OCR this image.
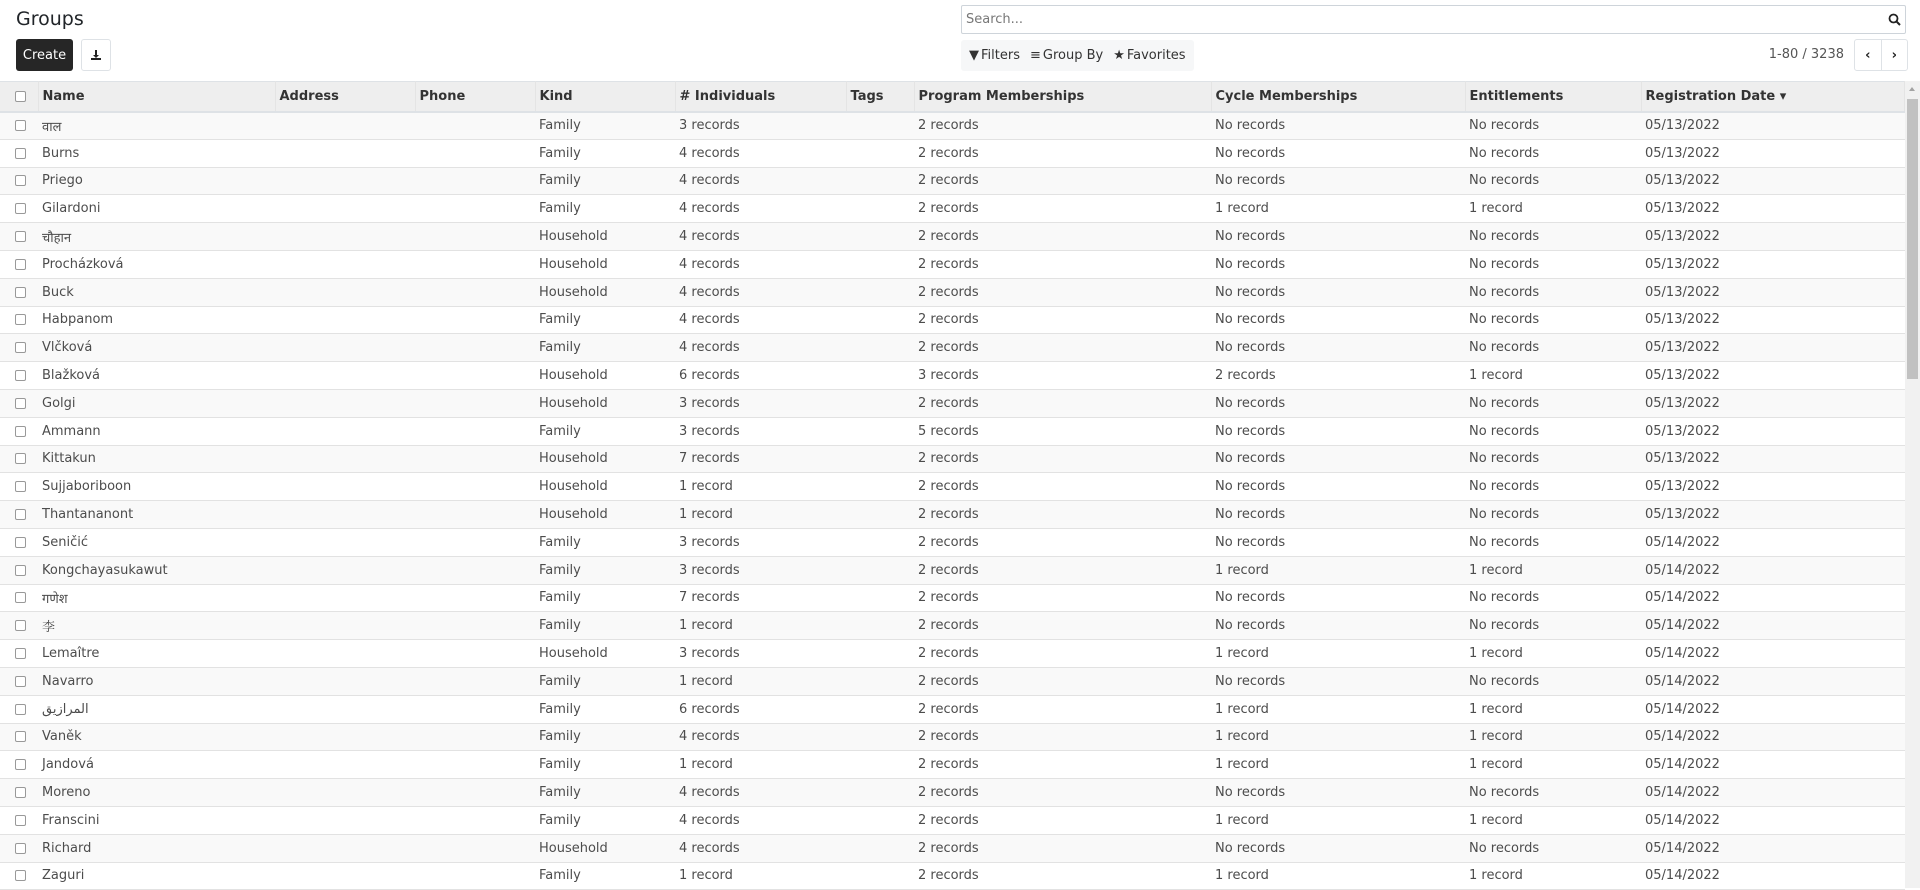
Groups
Create
Search...	▼ Filters ≡ Group By ★ Favorites	1-80 / 3238 ‹ ›
	Name	Address	Phone	Kind	# Individuals	Tags	Program Memberships	Cycle Memberships	Entitlements	Registration Date ▾
	वाल			Family	3 records		2 records	No records	No records	05/13/2022
	Burns			Family	4 records		2 records	No records	No records	05/13/2022
	Priego			Family	4 records		2 records	No records	No records	05/13/2022
	Gilardoni			Family	4 records		2 records	1 record	1 record	05/13/2022
	चौहान			Household	4 records		2 records	No records	No records	05/13/2022
	Procházková			Household	4 records		2 records	No records	No records	05/13/2022
	Buck			Household	4 records		2 records	No records	No records	05/13/2022
	Habpanom			Family	4 records		2 records	No records	No records	05/13/2022
	Vlčková			Family	4 records		2 records	No records	No records	05/13/2022
	Blažková			Household	6 records		3 records	2 records	1 record	05/13/2022
	Golgi			Household	3 records		2 records	No records	No records	05/13/2022
	Ammann			Family	3 records		5 records	No records	No records	05/13/2022
	Kittakun			Household	7 records		2 records	No records	No records	05/13/2022
	Sujjaboriboon			Household	1 record		2 records	No records	No records	05/13/2022
	Thantananont			Household	1 record		2 records	No records	No records	05/13/2022
	Seničić			Family	3 records		2 records	No records	No records	05/14/2022
	Kongchayasukawut			Family	3 records		2 records	1 record	1 record	05/14/2022
	गणेश			Family	7 records		2 records	No records	No records	05/14/2022
	李			Family	1 record		2 records	No records	No records	05/14/2022
	Lemaître			Household	3 records		2 records	1 record	1 record	05/14/2022
	Navarro			Family	1 record		2 records	No records	No records	05/14/2022
	المرازيق			Family	6 records		2 records	1 record	1 record	05/14/2022
	Vaněk			Family	4 records		2 records	1 record	1 record	05/14/2022
	Jandová			Family	1 record		2 records	1 record	1 record	05/14/2022
	Moreno			Family	4 records		2 records	No records	No records	05/14/2022
	Franscini			Family	4 records		2 records	1 record	1 record	05/14/2022
	Richard			Household	4 records		2 records	No records	No records	05/14/2022
	Zaguri			Family	1 record		2 records	1 record	1 record	05/14/2022
